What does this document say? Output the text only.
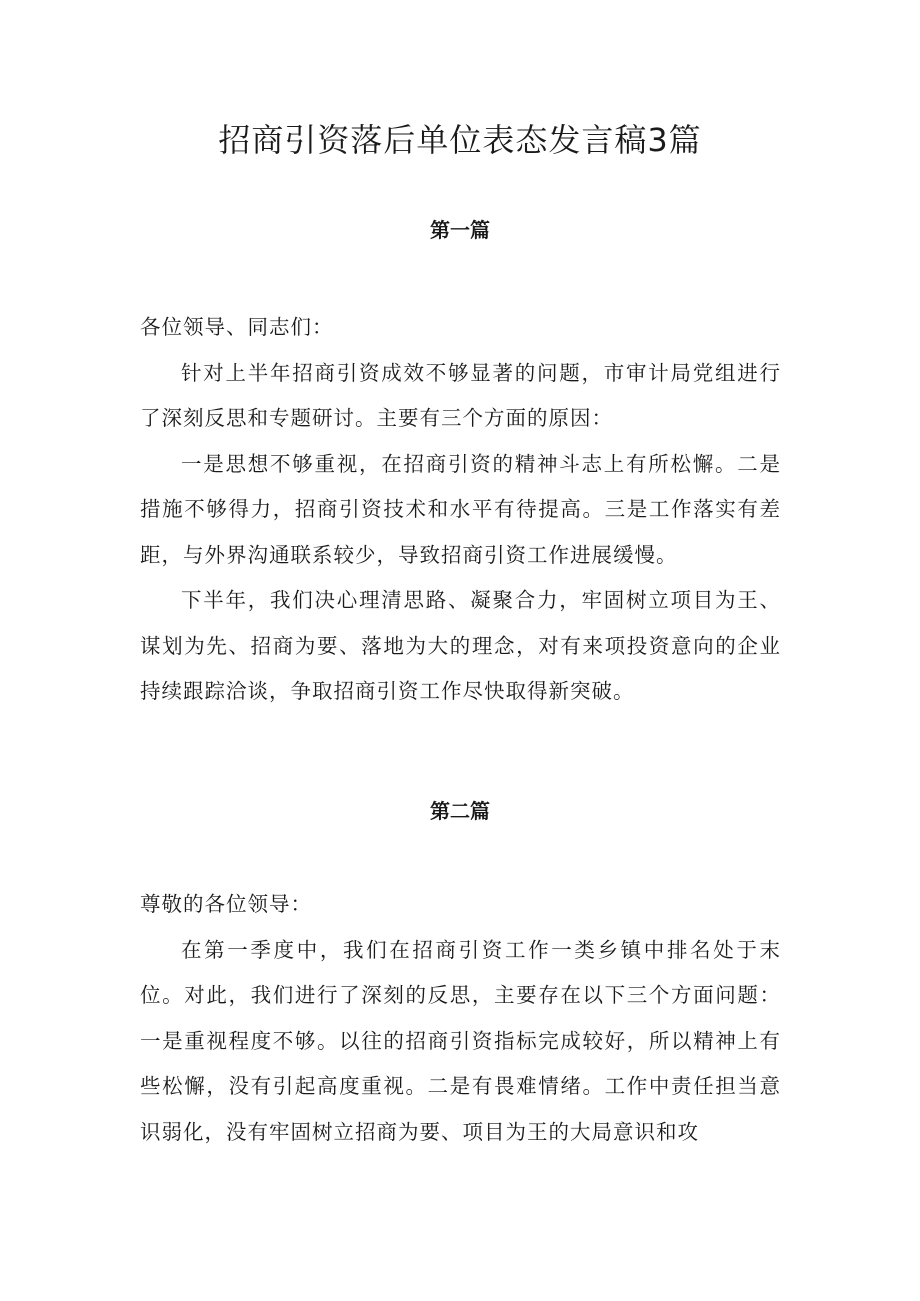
招商引资落后单位表态发言稿3篇
第一篇

各位领导、同志们：

针对上半年招商引资成效不够显著的问题，市审计局党组进行了深刻反思和专题研讨。主要有三个方面的原因：

一是思想不够重视，在招商引资的精神斗志上有所松懈。二是措施不够得力，招商引资技术和水平有待提高。三是工作落实有差距，与外界沟通联系较少，导致招商引资工作进展缓慢。

下半年，我们决心理清思路、凝聚合力，牢固树立项目为王、谋划为先、招商为要、落地为大的理念，对有来项投资意向的企业持续跟踪洽谈，争取招商引资工作尽快取得新突破。

第二篇

尊敬的各位领导：

在第一季度中，我们在招商引资工作一类乡镇中排名处于末位。对此，我们进行了深刻的反思，主要存在以下三个方面问题：一是重视程度不够。以往的招商引资指标完成较好，所以精神上有些松懈，没有引起高度重视。二是有畏难情绪。工作中责任担当意识弱化，没有牢固树立招商为要、项目为王的大局意识和攻
